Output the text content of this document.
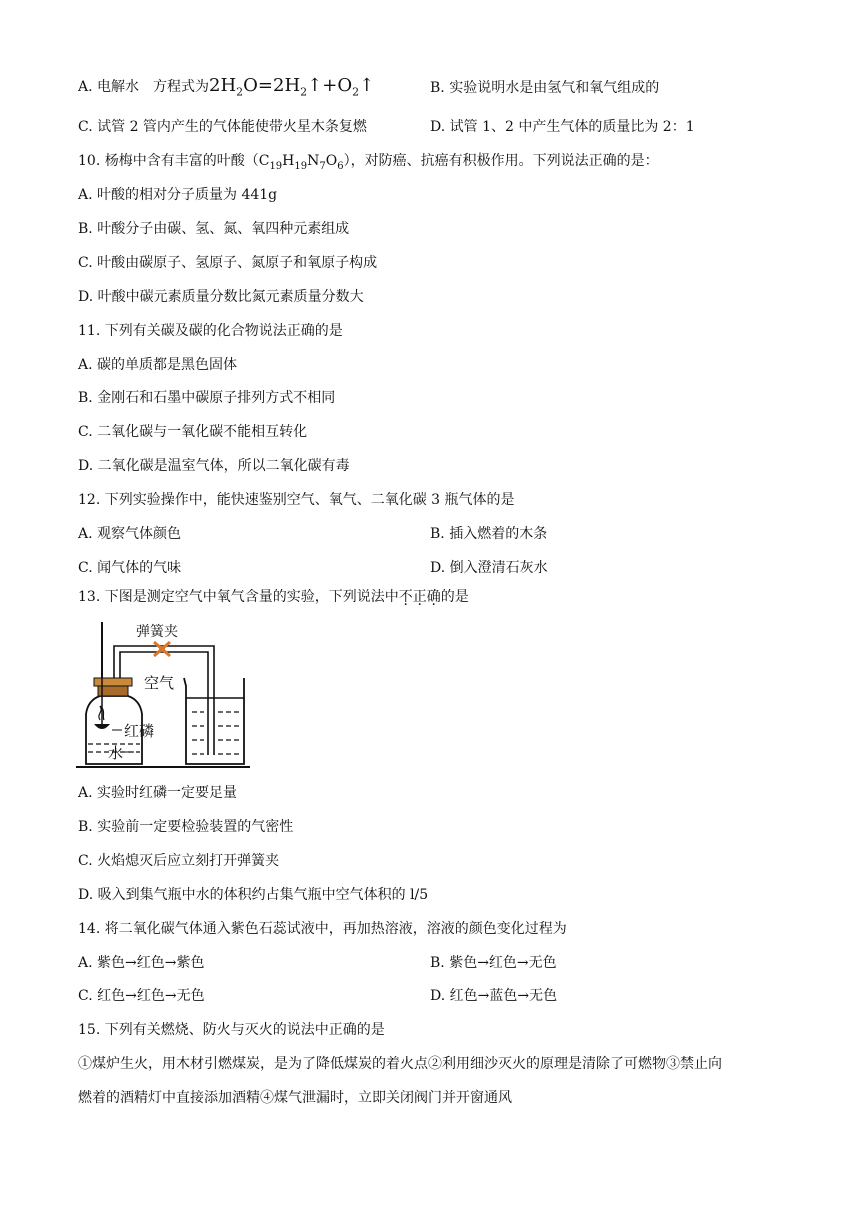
A. 电解水　方程式为$2H_2O=2H_2↑+O_2↑$	B. 实验说明水是由氢气和氧气组成的
C. 试管 2 管内产生的气体能使带火星木条复燃	D. 试管 1、2 中产生气体的质量比为 2：1
10. 杨梅中含有丰富的叶酸$(C_{19}H_{19}N_7O_6)$，对防癌、抗癌有积极作用。下列说法正确的是：
A. 叶酸的相对分子质量为 441g
B. 叶酸分子由碳、氢、氮、氧四种元素组成
C. 叶酸由碳原子、氢原子、氮原子和氧原子构成
D. 叶酸中碳元素质量分数比氮元素质量分数大
11. 下列有关碳及碳的化合物说法正确的是
A. 碳的单质都是黑色固体
B. 金刚石和石墨中碳原子排列方式不相同
C. 二氧化碳与一氧化碳不能相互转化
D. 二氧化碳是温室气体，所以二氧化碳有毒
12. 下列实验操作中，能快速鉴别空气、氧气、二氧化碳 3 瓶气体的是
A. 观察气体颜色	B. 插入燃着的木条
C. 闻气体的气味	D. 倒入澄清石灰水
13. 下图是测定空气中氧气含量的实验，下列说法中不正确的是
弹簧夹
空气
红磷
水
A. 实验时红磷一定要足量
B. 实验前一定要检验装置的气密性
C. 火焰熄灭后应立刻打开弹簧夹
D. 吸入到集气瓶中水的体积约占集气瓶中空气体积的 l/5
14. 将二氧化碳气体通入紫色石蕊试液中，再加热溶液，溶液的颜色变化过程为
A. 紫色→红色→紫色	B. 紫色→红色→无色
C. 红色→红色→无色	D. 红色→蓝色→无色
15. 下列有关燃烧、防火与灭火的说法中正确的是
①煤炉生火，用木材引燃煤炭，是为了降低煤炭的着火点②利用细沙灭火的原理是清除了可燃物③禁止向
燃着的酒精灯中直接添加酒精④煤气泄漏时，立即关闭阀门并开窗通风
